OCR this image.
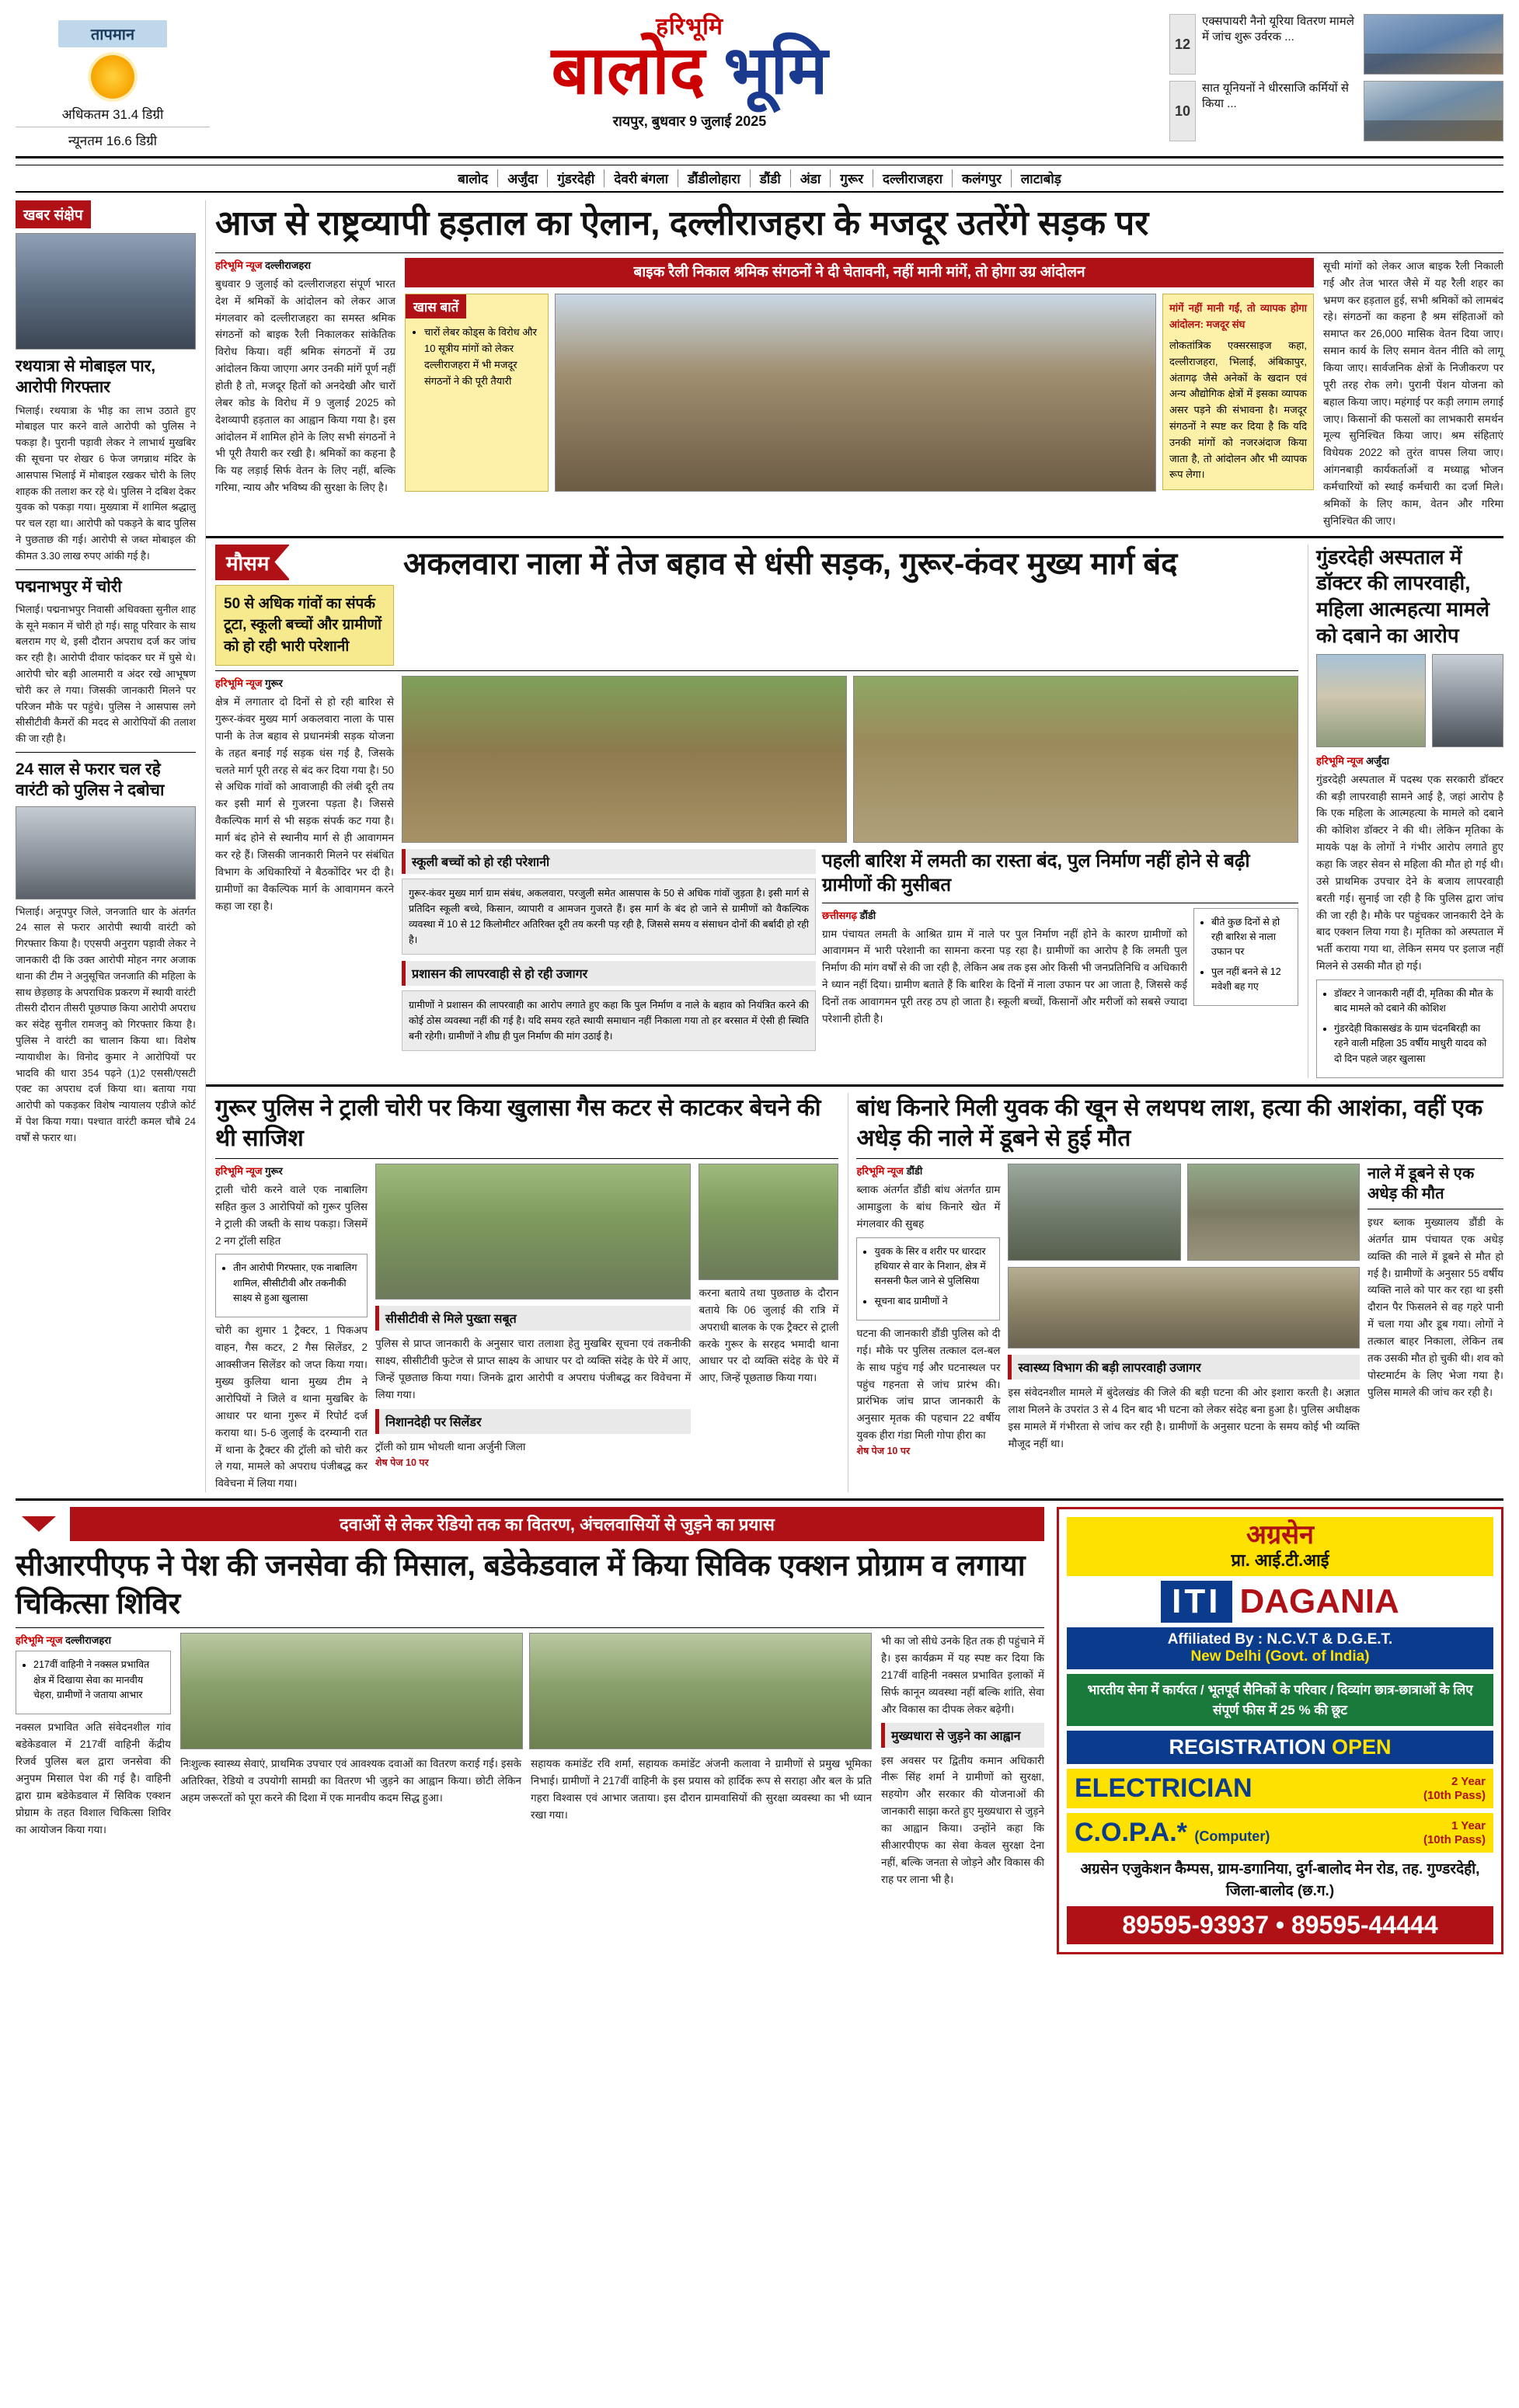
तापमान
अधिकतम 31.4 डिग्री
न्यूनतम 16.6 डिग्री
हरिभूमि
बालोद भूमि
रायपुर, बुधवार 9 जुलाई 2025
12
एक्सपायरी नैनो यूरिया वितरण मामले में जांच शुरू उर्वरक ...
10
सात यूनियनों ने धीरसाजि कर्मियों से किया ...
बालोद	अर्जुंदा	गुंडरदेही	देवरी बंगला	डौंडीलोहारा	डौंडी	अंडा	गुरूर	दल्लीराजहरा	कलंगपुर	लाटाबोड़
खबर संक्षेप
रथयात्रा से मोबाइल पार, आरोपी गिरफ्तार
भिलाई। रथयात्रा के भीड़ का लाभ उठाते हुए मोबाइल पार करने वाले आरोपी को पुलिस ने पकड़ा है। पुरानी पड़ावी लेकर ने लाभार्थ मुखबिर की सूचना पर शेखर 6 फेज जगन्नाथ मंदिर के आसपास भिलाई में मोबाइल रखकर चोरी के लिए शाहक की तलाश कर रहे थे। पुलिस ने दबिश देकर युवक को पकड़ा गया। मुख्यात्रा में शामिल श्रद्धालु पर चल रहा था। आरोपी को पकड़ने के बाद पुलिस ने पुछताछ की गई। आरोपी से जब्त मोबाइल की कीमत 3.30 लाख रुपए आंकी गई है।
पद्मनाभपुर में चोरी
भिलाई। पद्मनाभपुर निवासी अधिवक्ता सुनील शाह के सूने मकान में चोरी हो गई। साहू परिवार के साथ बलराम गए थे, इसी दौरान अपराध दर्ज कर जांच कर रही है। आरोपी दीवार फांदकर घर में घुसे थे। आरोपी चोर बड़ी आलमारी व अंदर रखे आभूषण चोरी कर ले गया। जिसकी जानकारी मिलने पर परिजन मौके पर पहुंचे। पुलिस ने आसपास लगे सीसीटीवी कैमरों की मदद से आरोपियों की तलाश की जा रही है।
24 साल से फरार चल रहे वारंटी को पुलिस ने दबोचा
भिलाई। अनूपपुर जिले, जनजाति धार के अंतर्गत 24 साल से फरार आरोपी स्थायी वारंटी को गिरफ्तार किया है। एएसपी अनुराग पड़ावी लेकर ने जानकारी दी कि उक्त आरोपी मोहन नगर अजाक थाना की टीम ने अनुसूचित जनजाति की महिला के साथ छेड़छाड़ के अपराधिक प्रकरण में स्थायी वारंटी तीसरी दौरान तीसरी पूछपाछ किया आरोपी अपराध कर संदेह सुनील रामजनु को गिरफ्तार किया है। पुलिस ने वारंटी का चालान किया था। विशेष न्यायाधीश के। विनोद कुमार ने आरोपियों पर भादवि की धारा 354 पढ़ने (1)2 एससी/एसटी एक्ट का अपराध दर्ज किया था। बताया गया आरोपी को पकड़कर विशेष न्यायालय एडीजे कोर्ट में पेश किया गया। पश्चात वारंटी कमल चौबे 24 वर्षों से फरार था।
आज से राष्ट्रव्यापी हड़ताल का ऐलान, दल्लीराजहरा के मजदूर उतरेंगे सड़क पर
हरिभूमि न्यूज दल्लीराजहरा
बुधवार 9 जुलाई को दल्लीराजहरा संपूर्ण भारत देश में श्रमिकों के आंदोलन को लेकर आज मंगलवार को दल्लीराजहरा का समस्त श्रमिक संगठनों को बाइक रैली निकालकर सांकेतिक विरोध किया। वहीं श्रमिक संगठनों में उग्र आंदोलन किया जाएगा अगर उनकी मांगें पूर्ण नहीं होती है तो, मजदूर हितों को अनदेखी और चारों लेबर कोड के विरोध में 9 जुलाई 2025 को देशव्यापी हड़ताल का आह्वान किया गया है। इस आंदोलन में शामिल होने के लिए सभी संगठनों ने भी पूरी तैयारी कर रखी है। श्रमिकों का कहना है कि यह लड़ाई सिर्फ वेतन के लिए नहीं, बल्कि गरिमा, न्याय और भविष्य की सुरक्षा के लिए है।
बाइक रैली निकाल श्रमिक संगठनों ने दी चेतावनी, नहीं मानी मांगें, तो होगा उग्र आंदोलन
खास बातें
• चारों लेबर कोड्स के विरोध और 10 सूत्रीय मांगों को लेकर दल्लीराजहरा में भी मजदूर संगठनों ने की पूरी तैयारी
मांगें नहीं मानी गईं, तो व्यापक होगा आंदोलन: मजदूर संघ
लोकतांत्रिक एक्सरसाइज कहा, दल्लीराजहरा, भिलाई, अंबिकापुर, अंतागढ़ जैसे अनेकों के खदान एवं अन्य औद्योगिक क्षेत्रों में इसका व्यापक असर पड़ने की संभावना है। मजदूर संगठनों ने स्पष्ट कर दिया है कि यदि उनकी मांगों को नजरअंदाज किया जाता है, तो आंदोलन और भी व्यापक रूप लेगा।
सूची मांगों को लेकर आज बाइक रैली निकाली गई और तेज भारत जैसे में यह रैली शहर का भ्रमण कर हड़ताल हुई, सभी श्रमिकों को लामबंद रहे। संगठनों का कहना है श्रम संहिताओं को समाप्त कर 26,000 मासिक वेतन दिया जाए। समान कार्य के लिए समान वेतन नीति को लागू किया जाए। सार्वजनिक क्षेत्रों के निजीकरण पर पूरी तरह रोक लगे। पुरानी पेंशन योजना को बहाल किया जाए। महंगाई पर कड़ी लगाम लगाई जाए। किसानों की फसलों का लाभकारी समर्थन मूल्य सुनिश्चित किया जाए। श्रम संहिताएं विधेयक 2022 को तुरंत वापस लिया जाए। आंगनबाड़ी कार्यकर्ताओं व मध्याह्न भोजन कर्मचारियों को स्थाई कर्मचारी का दर्जा मिले। श्रमिकों के लिए काम, वेतन और गरिमा सुनिश्चित की जाए।
मौसम
50 से अधिक गांवों का संपर्क टूटा, स्कूली बच्चों और ग्रामीणों को हो रही भारी परेशानी
अकलवारा नाला में तेज बहाव से धंसी सड़क, गुरूर-कंवर मुख्य मार्ग बंद
हरिभूमि न्यूज गुरूर
क्षेत्र में लगातार दो दिनों से हो रही बारिश से गुरूर-कंवर मुख्य मार्ग अकलवारा नाला के पास पानी के तेज बहाव से प्रधानमंत्री सड़क योजना के तहत बनाई गई सड़क धंस गई है, जिसके चलते मार्ग पूरी तरह से बंद कर दिया गया है। 50 से अधिक गांवों को आवाजाही की लंबी दूरी तय कर इसी मार्ग से गुजरना पड़ता है। जिससे वैकल्पिक मार्ग से भी सड़क संपर्क कट गया है। मार्ग बंद होने से स्थानीय मार्ग से ही आवागमन कर रहे हैं। जिसकी जानकारी मिलने पर संबंधित विभाग के अधिकारियों ने बैठकोंदिर भर दी है। ग्रामीणों का वैकल्पिक मार्ग के आवागमन करने कहा जा रहा है।
स्कूली बच्चों को हो रही परेशानी
गुरूर-कंवर मुख्य मार्ग ग्राम संबंध, अकलवारा, परजुली समेत आसपास के 50 से अधिक गांवों जुड़ता है। इसी मार्ग से प्रतिदिन स्कूली बच्चे, किसान, व्यापारी व आमजन गुजरते हैं। इस मार्ग के बंद हो जाने से ग्रामीणों को वैकल्पिक व्यवस्था में 10 से 12 किलोमीटर अतिरिक्त दूरी तय करनी पड़ रही है, जिससे समय व संसाधन दोनों की बर्बादी हो रही है।
प्रशासन की लापरवाही से हो रही उजागर
ग्रामीणों ने प्रशासन की लापरवाही का आरोप लगाते हुए कहा कि पुल निर्माण व नाले के बहाव को नियंत्रित करने की कोई ठोस व्यवस्था नहीं की गई है। यदि समय रहते स्थायी समाधान नहीं निकाला गया तो हर बरसात में ऐसी ही स्थिति बनी रहेगी। ग्रामीणों ने शीघ्र ही पुल निर्माण की मांग उठाई है।
पहली बारिश में लमती का रास्ता बंद, पुल निर्माण नहीं होने से बढ़ी ग्रामीणों की मुसीबत
छत्तीसगढ़ डौंडी
ग्राम पंचायत लमती के आश्रित ग्राम में नाले पर पुल निर्माण नहीं होने के कारण ग्रामीणों को आवागमन में भारी परेशानी का सामना करना पड़ रहा है। ग्रामीणों का आरोप है कि लमती पुल निर्माण की मांग वर्षों से की जा रही है, लेकिन अब तक इस ओर किसी भी जनप्रतिनिधि व अधिकारी ने ध्यान नहीं दिया। ग्रामीण बताते हैं कि बारिश के दिनों में नाला उफान पर आ जाता है, जिससे कई दिनों तक आवागमन पूरी तरह ठप हो जाता है। स्कूली बच्चों, किसानों और मरीजों को सबसे ज्यादा परेशानी होती है।
• बीते कुछ दिनों से हो रही बारिश से नाला उफान पर
• पुल नहीं बनने से 12 मवेशी बह गए
गुंडरदेही अस्पताल में डॉक्टर की लापरवाही, महिला आत्महत्या मामले को दबाने का आरोप
हरिभूमि न्यूज अर्जुंदा
गुंडरदेही अस्पताल में पदस्थ एक सरकारी डॉक्टर की बड़ी लापरवाही सामने आई है, जहां आरोप है कि एक महिला के आत्महत्या के मामले को दबाने की कोशिश डॉक्टर ने की थी। लेकिन मृतिका के मायके पक्ष के लोगों ने गंभीर आरोप लगाते हुए कहा कि जहर सेवन से महिला की मौत हो गई थी। उसे प्राथमिक उपचार देने के बजाय लापरवाही बरती गई। सुनाई जा रही है कि पुलिस द्वारा जांच की जा रही है। मौके पर पहुंचकर जानकारी देने के बाद एक्शन लिया गया है। मृतिका को अस्पताल में भर्ती कराया गया था, लेकिन समय पर इलाज नहीं मिलने से उसकी मौत हो गई।
• डॉक्टर ने जानकारी नहीं दी, मृतिका की मौत के बाद मामले को दबाने की कोशिश
• गुंडरदेही विकासखंड के ग्राम चंदनबिरही का रहने वाली महिला 35 वर्षीय माधुरी यादव को दो दिन पहले जहर खुलासा
गुरूर पुलिस ने ट्राली चोरी पर किया खुलासा गैस कटर से काटकर बेचने की थी साजिश
हरिभूमि न्यूज गुरूर
ट्राली चोरी करने वाले एक नाबालिग सहित कुल 3 आरोपियों को गुरूर पुलिस ने ट्राली की जब्ती के साथ पकड़ा। जिसमें 2 नग ट्रॉली सहित
• तीन आरोपी गिरफ्तार, एक नाबालिग शामिल, सीसीटीवी और तकनीकी साक्ष्य से हुआ खुलासा
चोरी का शुमार 1 ट्रैक्टर, 1 पिकअप वाहन, गैस कटर, 2 गैस सिलेंडर, 2 आक्सीजन सिलेंडर को जप्त किया गया। मुख्य कुलिया थाना मुख्य टीम ने आरोपियों ने जिले व थाना मुखबिर के आधार पर थाना गुरूर में रिपोर्ट दर्ज कराया था। 5-6 जुलाई के दरम्यानी रात में थाना के ट्रैक्टर की ट्रॉली को चोरी कर ले गया, मामले को अपराध पंजीबद्ध कर विवेचना में लिया गया।
सीसीटीवी से मिले पुख्ता सबूत
पुलिस से प्राप्त जानकारी के अनुसार चारा तलाशा हेतु मुखबिर सूचना एवं तकनीकी साक्ष्य, सीसीटीवी फुटेज से प्राप्त साक्ष्य के आधार पर दो व्यक्ति संदेह के घेरे में आए, जिन्हें पूछताछ किया गया। जिनके द्वारा आरोपी व अपराध पंजीबद्ध कर विवेचना में लिया गया।
निशानदेही पर सिलेंडर
ट्रॉली को ग्राम भोथली थाना अर्जुनी जिला
शेष पेज 10 पर
करना बताये तथा पुछताछ के दौरान बताये कि 06 जुलाई की रात्रि में अपराधी बालक के एक ट्रैक्टर से ट्राली करके गुरूर के सरहद भमादी थाना आधार पर दो व्यक्ति संदेह के घेरे में आए, जिन्हें पूछताछ किया गया।
बांध किनारे मिली युवक की खून से लथपथ लाश, हत्या की आशंका, वहीं एक अधेड़ की नाले में डूबने से हुई मौत
हरिभूमि न्यूज डौंडी
ब्लाक अंतर्गत डौंडी बांध अंतर्गत ग्राम आमाडुला के बांध किनारे खेत में मंगलवार की सुबह
• युवक के सिर व शरीर पर धारदार हथियार से वार के निशान, क्षेत्र में सनसनी फैल जाने से पुलिसिया
• सूचना बाद ग्रामीणों ने
घटना की जानकारी डौंडी पुलिस को दी गई। मौके पर पुलिस तत्काल दल-बल के साथ पहुंच गई और घटनास्थल पर पहुंच गहनता से जांच प्रारंभ की। प्रारंभिक जांच प्राप्त जानकारी के अनुसार मृतक की पहचान 22 वर्षीय युवक हीरा गंडा मिली गोपा हीरा का
शेष पेज 10 पर
स्वास्थ्य विभाग की बड़ी लापरवाही उजागर
इस संवेदनशील मामले में बुंदेलखंड की जिले की बड़ी घटना की ओर इशारा करती है। अज्ञात लाश मिलने के उपरांत 3 से 4 दिन बाद भी घटना को लेकर संदेह बना हुआ है। पुलिस अधीक्षक इस मामले में गंभीरता से जांच कर रही है। ग्रामीणों के अनुसार घटना के समय कोई भी व्यक्ति मौजूद नहीं था।
नाले में डूबने से एक अधेड़ की मौत
इधर ब्लाक मुख्यालय डौंडी के अंतर्गत ग्राम पंचायत एक अधेड़ व्यक्ति की नाले में डूबने से मौत हो गई है। ग्रामीणों के अनुसार 55 वर्षीय व्यक्ति नाले को पार कर रहा था इसी दौरान पैर फिसलने से वह गहरे पानी में चला गया और डूब गया। लोगों ने तत्काल बाहर निकाला, लेकिन तब तक उसकी मौत हो चुकी थी। शव को पोस्टमार्टम के लिए भेजा गया है। पुलिस मामले की जांच कर रही है।
दवाओं से लेकर रेडियो तक का वितरण, अंचलवासियों से जुड़ने का प्रयास
सीआरपीएफ ने पेश की जनसेवा की मिसाल, बडेकेडवाल में किया सिविक एक्शन प्रोग्राम व लगाया चिकित्सा शिविर
हरिभूमि न्यूज दल्लीराजहरा
• 217वीं वाहिनी ने नक्सल प्रभावित क्षेत्र में दिखाया सेवा का मानवीय चेहरा, ग्रामीणों ने जताया आभार
नक्सल प्रभावित अति संवेदनशील गांव बडेकेडवाल में 217वीं वाहिनी केंद्रीय रिजर्व पुलिस बल द्वारा जनसेवा की अनुपम मिसाल पेश की गई है। वाहिनी द्वारा ग्राम बडेकेडवाल में सिविक एक्शन प्रोग्राम के तहत विशाल चिकित्सा शिविर का आयोजन किया गया।
निःशुल्क स्वास्थ्य सेवाएं, प्राथमिक उपचार एवं आवश्यक दवाओं का वितरण कराई गई। इसके अतिरिक्त, रेडियो व उपयोगी सामग्री का वितरण भी जुड़ने का आह्वान किया। छोटी लेकिन अहम जरूरतों को पूरा करने की दिशा में एक मानवीय कदम सिद्ध हुआ।
सहायक कमांडेंट रवि शर्मा, सहायक कमांडेंट अंजनी कलावा ने ग्रामीणों से प्रमुख भूमिका निभाई। ग्रामीणों ने 217वीं वाहिनी के इस प्रयास को हार्दिक रूप से सराहा और बल के प्रति गहरा विश्वास एवं आभार जताया। इस दौरान ग्रामवासियों की सुरक्षा व्यवस्था का भी ध्यान रखा गया।
भी का जो सीधे उनके हित तक ही पहुंचाने में है। इस कार्यक्रम में यह स्पष्ट कर दिया कि 217वीं वाहिनी नक्सल प्रभावित इलाकों में सिर्फ कानून व्यवस्था नहीं बल्कि शांति, सेवा और विकास का दीपक लेकर बढ़ेगी।
मुख्यधारा से जुड़ने का आह्वान
इस अवसर पर द्वितीय कमान अधिकारी नीरू सिंह शर्मा ने ग्रामीणों को सुरक्षा, सहयोग और सरकार की योजनाओं की जानकारी साझा करते हुए मुख्यधारा से जुड़ने का आह्वान किया। उन्होंने कहा कि सीआरपीएफ का सेवा केवल सुरक्षा देना नहीं, बल्कि जनता से जोड़ने और विकास की राह पर लाना भी है।
अग्रसेन
प्रा. आई.टी.आई
ITI DAGANIA
Affiliated By : N.C.V.T & D.G.E.T.
New Delhi (Govt. of India)
भारतीय सेना में कार्यरत / भूतपूर्व सैनिकों के परिवार / दिव्यांग छात्र-छात्राओं के लिए संपूर्ण फीस में 25 % की छूट
REGISTRATION OPEN
ELECTRICIAN	2 Year
(10th Pass)
C.O.P.A.* (Computer)
1 Year
(10th Pass)
अग्रसेन एजुकेशन कैम्पस, ग्राम-डगानिया, दुर्ग-बालोद मेन रोड, तह. गुण्डरदेही, जिला-बालोद (छ.ग.)
89595-93937 • 89595-44444
